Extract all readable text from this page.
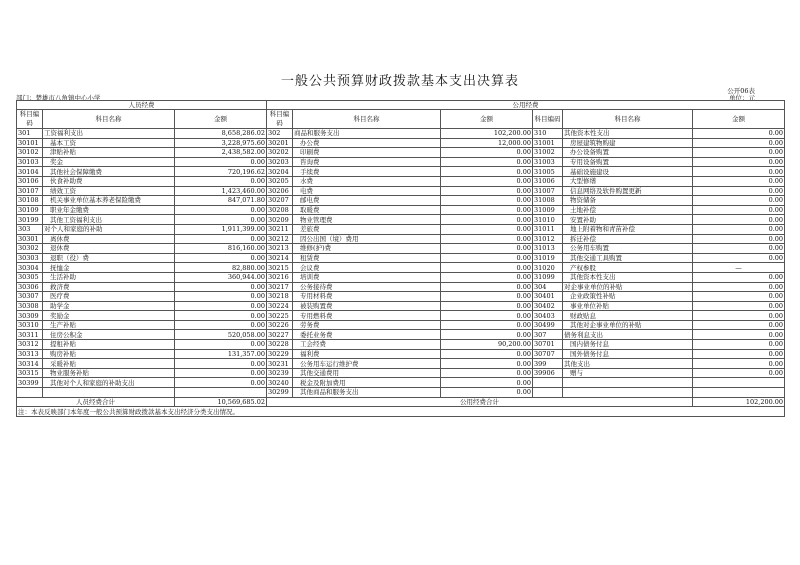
一般公共预算财政拨款基本支出决算表
公开06表
部门：楚雄市八角镇中心小学	单位：元
人员经费			公用经费					
科目编码	科目名称	金额	科目编码	科目名称	金额	科目编码	科目名称	金额
301	工资福利支出	8,658,286.02	302	商品和服务支出	102,200.00	310	其他资本性支出	0.00
30101	基本工资	3,228,975.60	30201	办公费	12,000.00	31001	房屋建筑物购建	0.00
30102	津贴补贴	2,438,582.00	30202	印刷费	0.00	31002	办公设备购置	0.00
30103	奖金	0.00	30203	咨询费	0.00	31003	专用设备购置	0.00
30104	其他社会保障缴费	720,196.62	30204	手续费	0.00	31005	基础设施建设	0.00
30106	伙食补助费	0.00	30205	水费	0.00	31006	大型修缮	0.00
30107	绩效工资	1,423,460.00	30206	电费	0.00	31007	信息网络及软件购置更新	0.00
30108	机关事业单位基本养老保险缴费	847,071.80	30207	邮电费	0.00	31008	物资储备	0.00
30109	职业年金缴费	0.00	30208	取暖费	0.00	31009	土地补偿	0.00
30199	其他工资福利支出	0.00	30209	物业管理费	0.00	31010	安置补助	0.00
303	对个人和家庭的补助	1,911,399.00	30211	差旅费	0.00	31011	地上附着物和青苗补偿	0.00
30301	离休费	0.00	30212	因公出国（境）费用	0.00	31012	拆迁补偿	0.00
30302	退休费	816,160.00	30213	维修(护)费	0.00	31013	公务用车购置	0.00
30303	退职（役）费	0.00	30214	租赁费	0.00	31019	其他交通工具购置	0.00
30304	抚恤金	82,880.00	30215	会议费	0.00	31020	产权参股	—
30305	生活补助	360,944.00	30216	培训费	0.00	31099	其他资本性支出	0.00
30306	救济费	0.00	30217	公务接待费	0.00	304	对企事业单位的补贴	0.00
30307	医疗费	0.00	30218	专用材料费	0.00	30401	企业政策性补贴	0.00
30308	助学金	0.00	30224	被装购置费	0.00	30402	事业单位补贴	0.00
30309	奖励金	0.00	30225	专用燃料费	0.00	30403	财政贴息	0.00
30310	生产补贴	0.00	30226	劳务费	0.00	30499	其他对企事业单位的补贴	0.00
30311	住房公积金	520,058.00	30227	委托业务费	0.00	307	债务利息支出	0.00
30312	提租补贴	0.00	30228	工会经费	90,200.00	30701	国内债务付息	0.00
30313	购房补贴	131,357.00	30229	福利费	0.00	30707	国外债务付息	0.00
30314	采暖补贴	0.00	30231	公务用车运行维护费	0.00	399	其他支出	0.00
30315	物业服务补贴	0.00	30239	其他交通费用	0.00	39906	赠与	0.00
30399	其他对个人和家庭的补助支出	0.00	30240	税金及附加费用	0.00			
			30299	其他商品和服务支出	0.00			
人员经费合计		10,569,685.02	公用经费合计					102,200.00
注：本表反映部门本年度一般公共预算财政拨款基本支出经济分类支出情况。								
